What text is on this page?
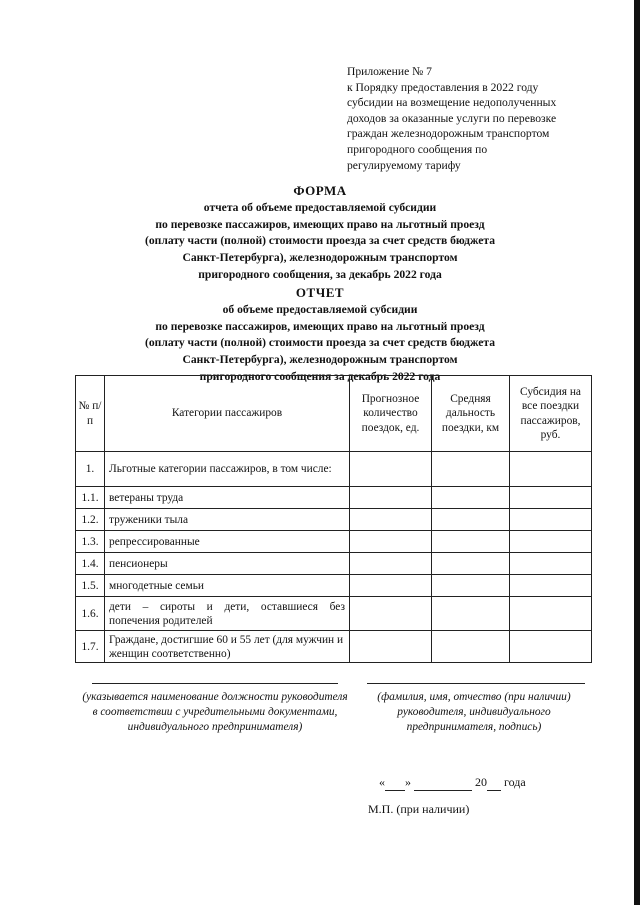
Приложение № 7
к Порядку предоставления в 2022 году
субсидии на возмещение недополученных
доходов за оказанные услуги по перевозке
граждан железнодорожным транспортом
пригородного сообщения по
регулируемому тарифу
ФОРМА
отчета об объеме предоставляемой субсидии
по перевозке пассажиров, имеющих право на льготный проезд
(оплату части (полной) стоимости проезда за счет средств бюджета
Санкт-Петербурга), железнодорожным транспортом
пригородного сообщения, за декабрь 2022 года
ОТЧЕТ
об объеме предоставляемой субсидии
по перевозке пассажиров, имеющих право на льготный проезд
(оплату части (полной) стоимости проезда за счет средств бюджета
Санкт-Петербурга), железнодорожным транспортом
пригородного сообщения за декабрь 2022 года
№ п/п	Категории пассажиров	Прогнозное количество поездок, ед.	Средняя дальность поездки, км	Субсидия на все поездки пассажиров, руб.
1.	Льготные категории пассажиров, в том числе:			
1.1.	ветераны труда			
1.2.	труженики тыла			
1.3.	репрессированные			
1.4.	пенсионеры			
1.5.	многодетные семьи			
1.6.	дети – сироты и дети, оставшиеся без попечения родителей			
1.7.	Граждане, достигшие 60 и 55 лет (для мужчин и женщин соответственно)			
(указывается наименование должности руководителя в соответствии с учредительными документами, индивидуального предпринимателя)
(фамилия, имя, отчество (при наличии) руководителя, индивидуального предпринимателя, подпись)
« »	20 года
М.П. (при наличии)
